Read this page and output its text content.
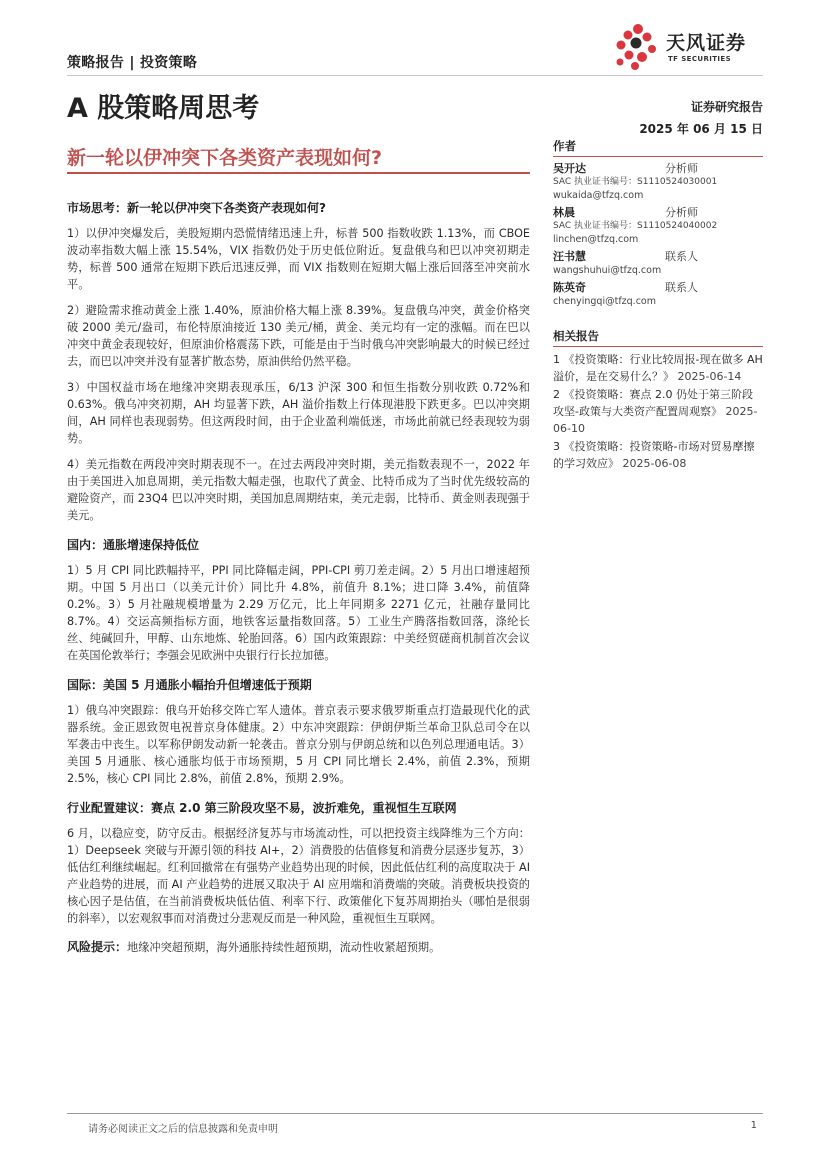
策略报告 | 投资策略
天风证券
TF SECURITIES
A 股策略周思考	证券研究报告
2025 年 06 月 15 日
新一轮以伊冲突下各类资产表现如何?
市场思考：新一轮以伊冲突下各类资产表现如何?

1）以伊冲突爆发后，美股短期内恐慌情绪迅速上升，标普 500 指数收跌 1.13%，而 CBOE 波动率指数大幅上涨 15.54%，VIX 指数仍处于历史低位附近。复盘俄乌和巴以冲突初期走势，标普 500 通常在短期下跌后迅速反弹，而 VIX 指数则在短期大幅上涨后回落至冲突前水平。

2）避险需求推动黄金上涨 1.40%，原油价格大幅上涨 8.39%。复盘俄乌冲突，黄金价格突破 2000 美元/盎司，布伦特原油接近 130 美元/桶，黄金、美元均有一定的涨幅。而在巴以冲突中黄金表现较好，但原油价格震荡下跌，可能是由于当时俄乌冲突影响最大的时候已经过去，而巴以冲突并没有显著扩散态势，原油供给仍然平稳。

3）中国权益市场在地缘冲突期表现承压，6/13 沪深 300 和恒生指数分别收跌 0.72%和 0.63%。俄乌冲突初期，AH 均显著下跌，AH 溢价指数上行体现港股下跌更多。巴以冲突期间，AH 同样也表现弱势。但这两段时间，由于企业盈利端低迷，市场此前就已经表现较为弱势。

4）美元指数在两段冲突时期表现不一。在过去两段冲突时期，美元指数表现不一，2022 年由于美国进入加息周期，美元指数大幅走强，也取代了黄金、比特币成为了当时优先级较高的避险资产，而 23Q4 巴以冲突时期，美国加息周期结束，美元走弱，比特币、黄金则表现强于美元。

国内：通胀增速保持低位

1）5 月 CPI 同比跌幅持平，PPI 同比降幅走阔，PPI-CPI 剪刀差走阔。2）5 月出口增速超预期。中国 5 月出口（以美元计价）同比升 4.8%，前值升 8.1%；进口降 3.4%，前值降 0.2%。3）5 月社融规模增量为 2.29 万亿元，比上年同期多 2271 亿元，社融存量同比 8.7%。4）交运高频指标方面，地铁客运量指数回落。5）工业生产腾落指数回落，涤纶长丝、纯碱回升，甲醇、山东地炼、轮胎回落。6）国内政策跟踪：中美经贸磋商机制首次会议在英国伦敦举行；李强会见欧洲中央银行行长拉加德。

国际：美国 5 月通胀小幅抬升但增速低于预期

1）俄乌冲突跟踪：俄乌开始移交阵亡军人遗体。普京表示要求俄罗斯重点打造最现代化的武器系统。金正恩致贺电祝普京身体健康。2）中东冲突跟踪：伊朗伊斯兰革命卫队总司令在以军袭击中丧生。以军称伊朗发动新一轮袭击。普京分别与伊朗总统和以色列总理通电话。3）美国 5 月通胀、核心通胀均低于市场预期，5 月 CPI 同比增长 2.4%，前值 2.3%，预期 2.5%，核心 CPI 同比 2.8%，前值 2.8%，预期 2.9%。

行业配置建议：赛点 2.0 第三阶段攻坚不易，波折难免，重视恒生互联网

6 月，以稳应变，防守反击。根据经济复苏与市场流动性，可以把投资主线降维为三个方向：1）Deepseek 突破与开源引领的科技 AI+，2）消费股的估值修复和消费分层逐步复苏，3）低估红利继续崛起。红利回撤常在有强势产业趋势出现的时候，因此低估红利的高度取决于 AI 产业趋势的进展，而 AI 产业趋势的进展又取决于 AI 应用端和消费端的突破。消费板块投资的核心因子是估值，在当前消费板块低估值、利率下行、政策催化下复苏周期抬头（哪怕是很弱的斜率），以宏观叙事而对消费过分悲观反而是一种风险，重视恒生互联网。

风险提示：地缘冲突超预期，海外通胀持续性超预期，流动性收紧超预期。

作者
吴开达	分析师
SAC 执业证书编号：S1110524030001
wukaida@tfzq.com
林晨	分析师
SAC 执业证书编号：S1110524040002
linchen@tfzq.com
汪书慧	联系人
wangshuhui@tfzq.com
陈英奇	联系人
chenyingqi@tfzq.com
相关报告
1 《投资策略：行业比较周报-现在做多 AH 溢价，是在交易什么？》 2025-06-14
2 《投资策略：赛点 2.0 仍处于第三阶段攻坚-政策与大类资产配置周观察》 2025-06-10
3 《投资策略：投资策略-市场对贸易摩擦的学习效应》 2025-06-08
请务必阅读正文之后的信息披露和免责申明	1
